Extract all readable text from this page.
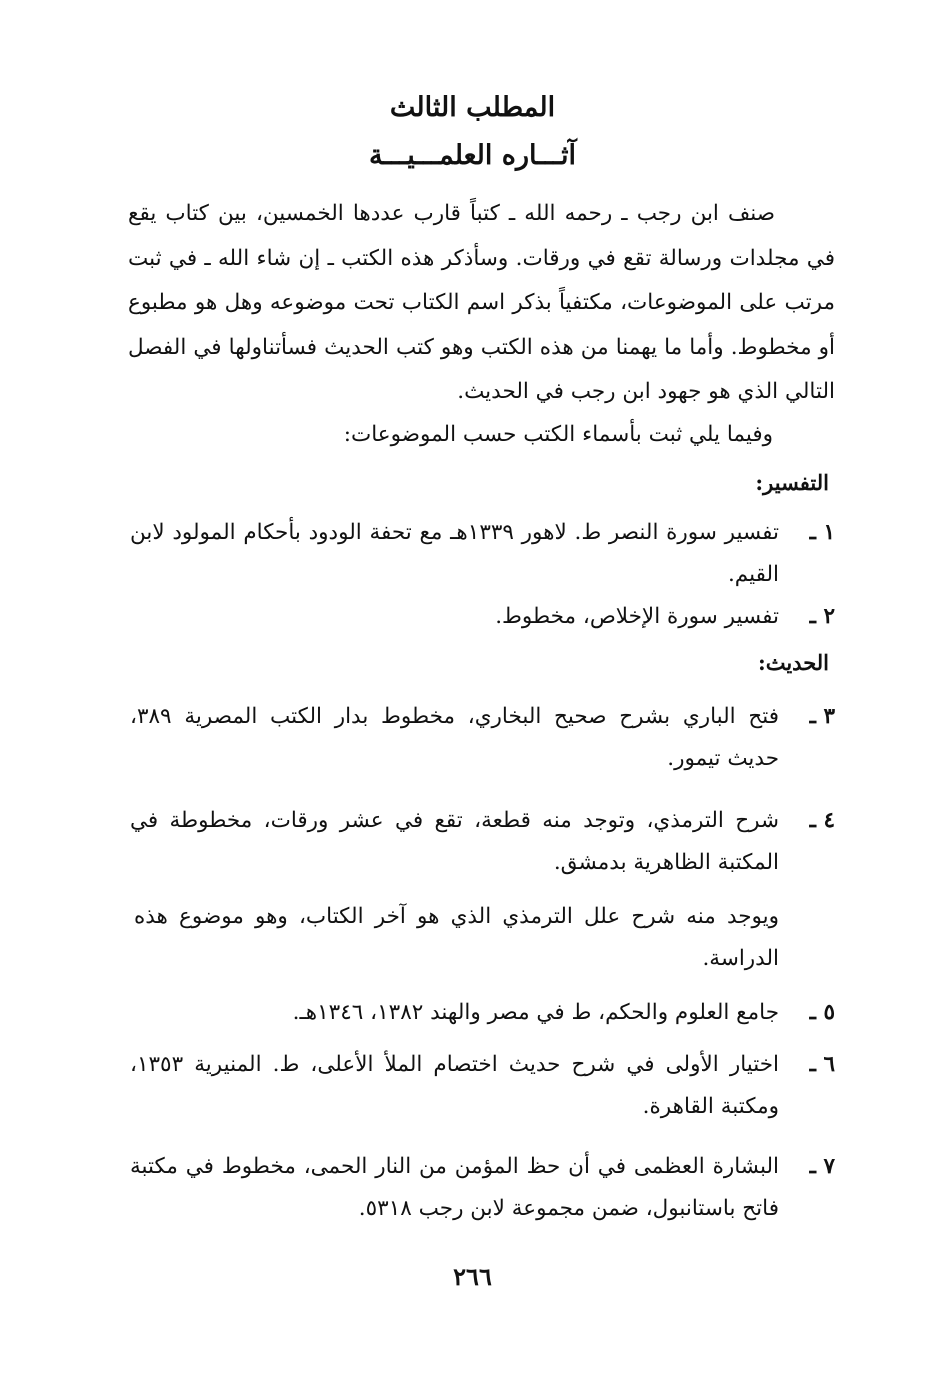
المطلب الثالث
آثـــاره العلمـــيـــة
صنف ابن رجب ـ رحمه الله ـ كتباً قارب عددها الخمسين، بين كتاب يقع في مجلدات ورسالة تقع في ورقات. وسأذكر هذه الكتب ـ إن شاء الله ـ في ثبت مرتب على الموضوعات، مكتفياً بذكر اسم الكتاب تحت موضوعه وهل هو مطبوع أو مخطوط. وأما ما يهمنا من هذه الكتب وهو كتب الحديث فسأتناولها في الفصل التالي الذي هو جهود ابن رجب في الحديث.
وفيما يلي ثبت بأسماء الكتب حسب الموضوعات:
التفسير:
١ ـ
تفسير سورة النصر ط. لاهور ١٣٣٩هـ مع تحفة الودود بأحكام المولود لابن القيم.
٢ ـ
تفسير سورة الإخلاص، مخطوط.
الحديث:
٣ ـ
فتح الباري بشرح صحيح البخاري، مخطوط بدار الكتب المصرية ٣٨٩، حديث تيمور.
٤ ـ
شرح الترمذي، وتوجد منه قطعة، تقع في عشر ورقات، مخطوطة في المكتبة الظاهرية بدمشق.
ويوجد منه شرح علل الترمذي الذي هو آخر الكتاب، وهو موضوع هذه الدراسة.
٥ ـ
جامع العلوم والحكم، ط في مصر والهند ١٣٨٢، ١٣٤٦هـ.
٦ ـ
اختيار الأولى في شرح حديث اختصام الملأ الأعلى، ط. المنيرية ١٣٥٣، ومكتبة القاهرة.
٧ ـ
البشارة العظمى في أن حظ المؤمن من النار الحمى، مخطوط في مكتبة فاتح باستانبول، ضمن مجموعة لابن رجب ٥٣١٨.
٢٦٦
